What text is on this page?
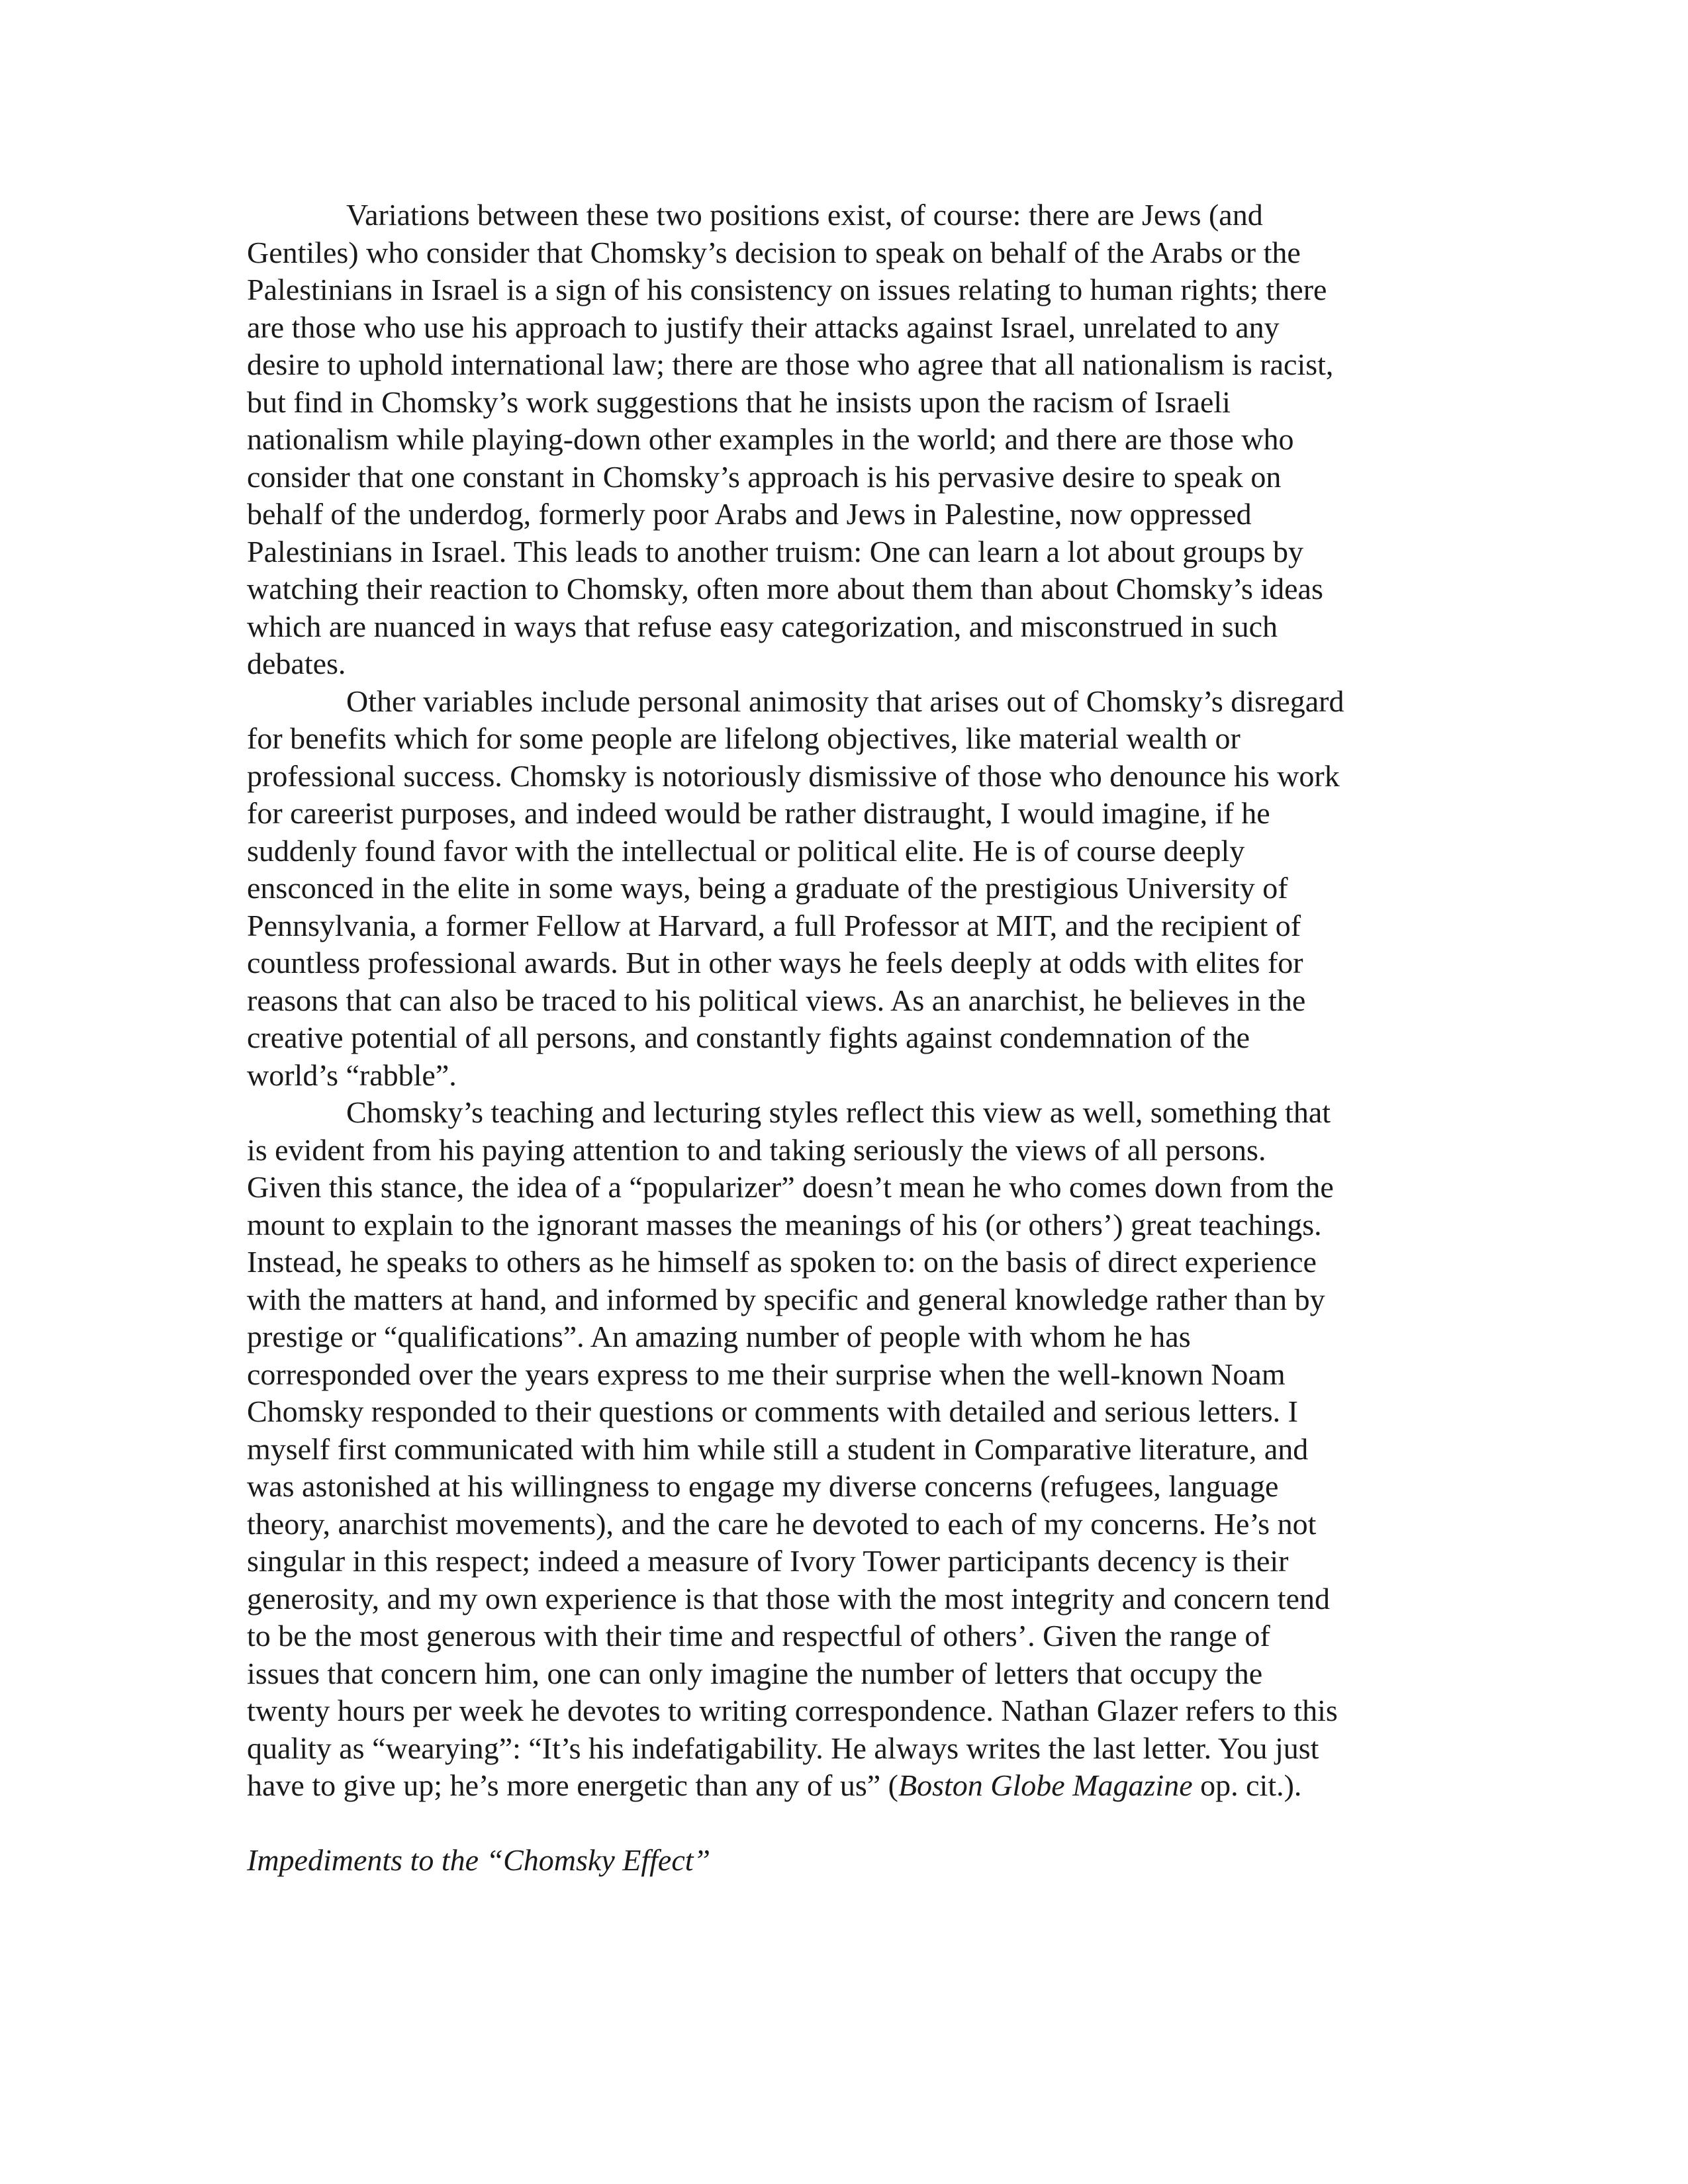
Variations between these two positions exist, of course: there are Jews (and
Gentiles) who consider that Chomsky’s decision to speak on behalf of the Arabs or the
Palestinians in Israel is a sign of his consistency on issues relating to human rights; there
are those who use his approach to justify their attacks against Israel, unrelated to any
desire to uphold international law; there are those who agree that all nationalism is racist,
but find in Chomsky’s work suggestions that he insists upon the racism of Israeli
nationalism while playing-down other examples in the world; and there are those who
consider that one constant in Chomsky’s approach is his pervasive desire to speak on
behalf of the underdog, formerly poor Arabs and Jews in Palestine, now oppressed
Palestinians in Israel. This leads to another truism: One can learn a lot about groups by
watching their reaction to Chomsky, often more about them than about Chomsky’s ideas
which are nuanced in ways that refuse easy categorization, and misconstrued in such
debates.

Other variables include personal animosity that arises out of Chomsky’s disregard
for benefits which for some people are lifelong objectives, like material wealth or
professional success. Chomsky is notoriously dismissive of those who denounce his work
for careerist purposes, and indeed would be rather distraught, I would imagine, if he
suddenly found favor with the intellectual or political elite. He is of course deeply
ensconced in the elite in some ways, being a graduate of the prestigious University of
Pennsylvania, a former Fellow at Harvard, a full Professor at MIT, and the recipient of
countless professional awards. But in other ways he feels deeply at odds with elites for
reasons that can also be traced to his political views. As an anarchist, he believes in the
creative potential of all persons, and constantly fights against condemnation of the
world’s “rabble”.

Chomsky’s teaching and lecturing styles reflect this view as well, something that
is evident from his paying attention to and taking seriously the views of all persons.
Given this stance, the idea of a “popularizer” doesn’t mean he who comes down from the
mount to explain to the ignorant masses the meanings of his (or others’) great teachings.
Instead, he speaks to others as he himself as spoken to: on the basis of direct experience
with the matters at hand, and informed by specific and general knowledge rather than by
prestige or “qualifications”. An amazing number of people with whom he has
corresponded over the years express to me their surprise when the well-known Noam
Chomsky responded to their questions or comments with detailed and serious letters. I
myself first communicated with him while still a student in Comparative literature, and
was astonished at his willingness to engage my diverse concerns (refugees, language
theory, anarchist movements), and the care he devoted to each of my concerns. He’s not
singular in this respect; indeed a measure of Ivory Tower participants decency is their
generosity, and my own experience is that those with the most integrity and concern tend
to be the most generous with their time and respectful of others’. Given the range of
issues that concern him, one can only imagine the number of letters that occupy the
twenty hours per week he devotes to writing correspondence. Nathan Glazer refers to this
quality as “wearying”: “It’s his indefatigability. He always writes the last letter. You just

have to give up; he’s more energetic than any of us” (Boston Globe Magazine op. cit.).

Impediments to the “Chomsky Effect”
